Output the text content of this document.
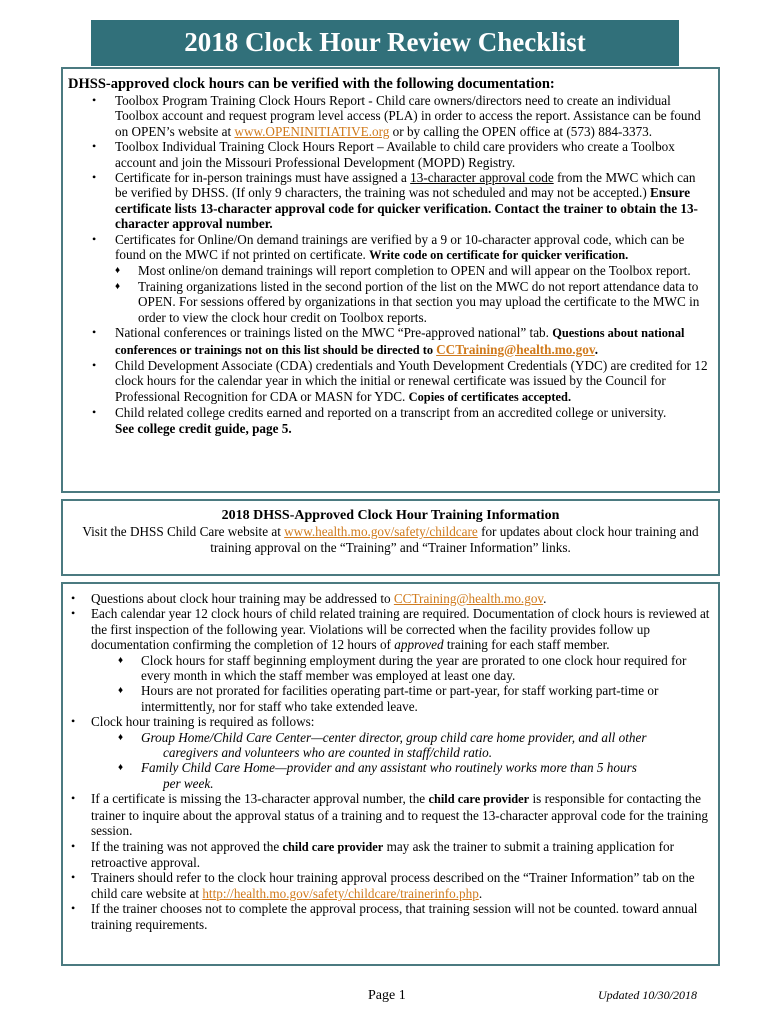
2018 Clock Hour Review Checklist
DHSS-approved clock hours can be verified with the following documentation:
• Toolbox Program Training Clock Hours Report - Child care owners/directors need to create an individual Toolbox account and request program level access (PLA) in order to access the report. Assistance can be found on OPEN’s website at www.OPENINITIATIVE.org or by calling the OPEN office at (573) 884-3373.
• Toolbox Individual Training Clock Hours Report – Available to child care providers who create a Toolbox account and join the Missouri Professional Development (MOPD) Registry.
• Certificate for in-person trainings must have assigned a 13-character approval code from the MWC which can be verified by DHSS. (If only 9 characters, the training was not scheduled and may not be accepted.) Ensure certificate lists 13-character approval code for quicker verification. Contact the trainer to obtain the 13-character approval number.
• Certificates for Online/On demand trainings are verified by a 9 or 10-character approval code, which can be found on the MWC if not printed on certificate. Write code on certificate for quicker verification.
♦ Most online/on demand trainings will report completion to OPEN and will appear on the Toolbox report.
♦ Training organizations listed in the second portion of the list on the MWC do not report attendance data to OPEN. For sessions offered by organizations in that section you may upload the certificate to the MWC in order to view the clock hour credit on Toolbox reports.
• National conferences or trainings listed on the MWC “Pre-approved national” tab. Questions about national conferences or trainings not on this list should be directed to CCTraining@health.mo.gov.
• Child Development Associate (CDA) credentials and Youth Development Credentials (YDC) are credited for 12 clock hours for the calendar year in which the initial or renewal certificate was issued by the Council for Professional Recognition for CDA or MASN for YDC. Copies of certificates accepted.
• Child related college credits earned and reported on a transcript from an accredited college or university.
See college credit guide, page 5.
2018 DHSS-Approved Clock Hour Training Information
Visit the DHSS Child Care website at www.health.mo.gov/safety/childcare for updates about clock hour training and training approval on the “Training” and “Trainer Information” links.
• Questions about clock hour training may be addressed to CCTraining@health.mo.gov.
• Each calendar year 12 clock hours of child related training are required. Documentation of clock hours is reviewed at the first inspection of the following year. Violations will be corrected when the facility provides follow up documentation confirming the completion of 12 hours of approved training for each staff member.
♦ Clock hours for staff beginning employment during the year are prorated to one clock hour required for every month in which the staff member was employed at least one day.
♦ Hours are not prorated for facilities operating part-time or part-year, for staff working part-time or intermittently, nor for staff who take extended leave.
• Clock hour training is required as follows:
♦ Group Home/Child Care Center—center director, group child care home provider, and all other
caregivers and volunteers who are counted in staff/child ratio.
♦ Family Child Care Home—provider and any assistant who routinely works more than 5 hours
per week.
• If a certificate is missing the 13-character approval number, the child care provider is responsible for contacting the trainer to inquire about the approval status of a training and to request the 13-character approval code for the training session.
• If the training was not approved the child care provider may ask the trainer to submit a training application for retroactive approval.
• Trainers should refer to the clock hour training approval process described on the “Trainer Information” tab on the child care website at http://health.mo.gov/safety/childcare/trainerinfo.php.
• If the trainer chooses not to complete the approval process, that training session will not be counted. toward annual training requirements.
Page 1	Updated 10/30/2018
